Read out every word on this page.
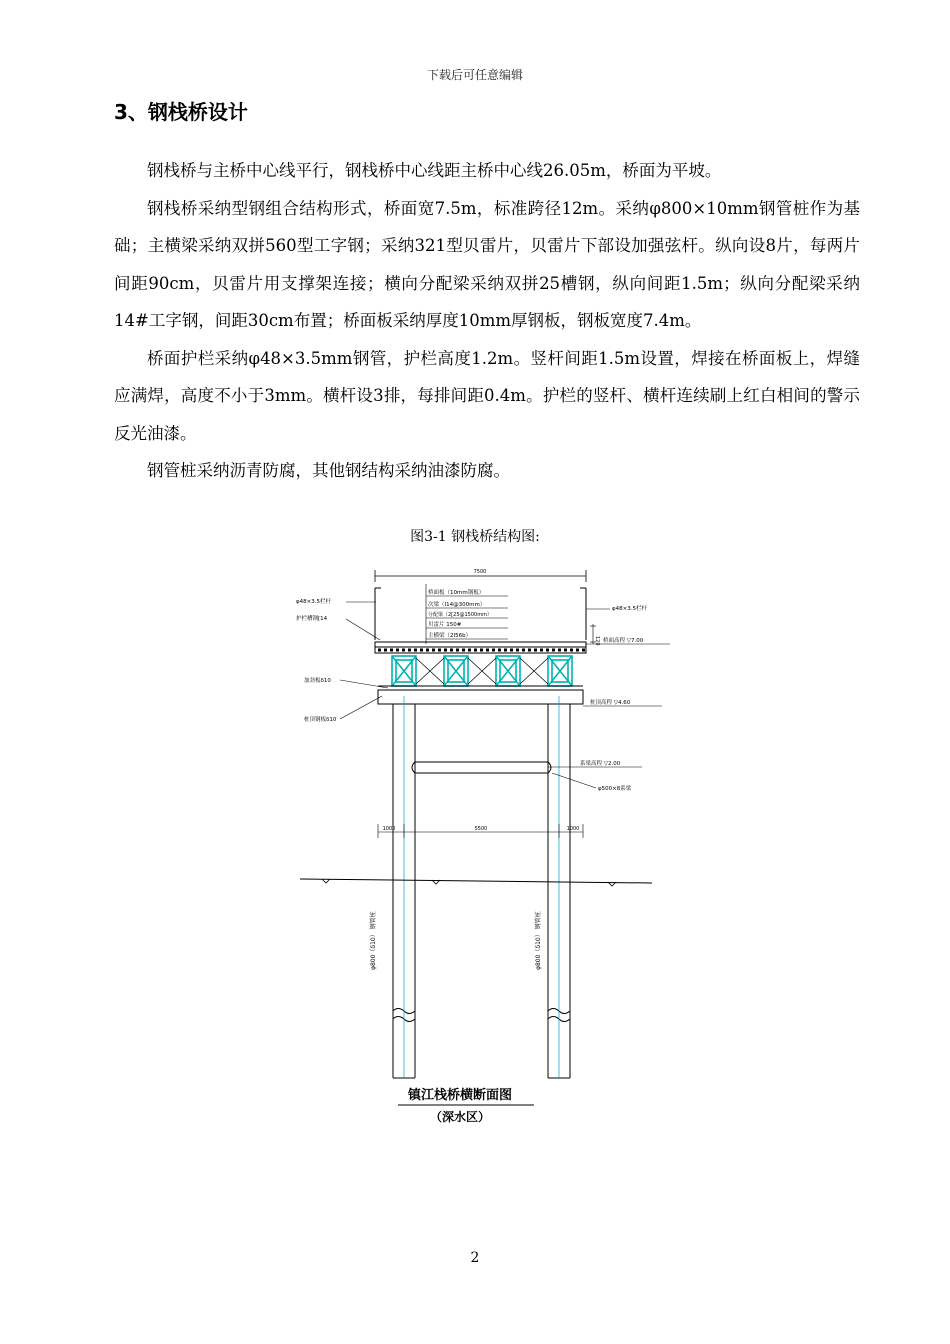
下载后可任意编辑
3、钢栈桥设计

钢栈桥与主桥中心线平行，钢栈桥中心线距主桥中心线26.05m，桥面为平坡。

钢栈桥采纳型钢组合结构形式，桥面宽7.5m，标准跨径12m。采纳φ800×10mm钢管桩作为基础；主横梁采纳双拼560型工字钢；采纳321型贝雷片，贝雷片下部设加强弦杆。纵向设8片，每两片间距90cm，贝雷片用支撑架连接；横向分配梁采纳双拼25槽钢，纵向间距1.5m；纵向分配梁采纳14#工字钢，间距30cm布置；桥面板采纳厚度10mm厚钢板，钢板宽度7.4m。

桥面护栏采纳φ48×3.5mm钢管，护栏高度1.2m。竖杆间距1.5m设置，焊接在桥面板上，焊缝应满焊，高度不小于3mm。横杆设3排，每排间距0.4m。护栏的竖杆、横杆连续刷上红白相间的警示反光油漆。

钢管桩采纳沥青防腐，其他钢结构采纳油漆防腐。

图3-1 钢栈桥结构图:
7500
桥面板（10mm钢板）
次梁（I14@300mm）
分配梁（2[25@1500mm）
贝雷片 150#
主横梁（2I56b）
φ48×3.5栏杆
护栏槽钢[14
加劲板δ10
桩顶钢板δ10
φ48×3.5栏杆
桥面高程 ▽7.00
桩顶高程 ▽4.60
系梁高程 ▽2.00
φ500×8系梁
120
1000	5500	1000
φ800（δ10） 钢管桩	φ800（δ10） 钢管桩
镇江栈桥横断面图
（深水区）
2
